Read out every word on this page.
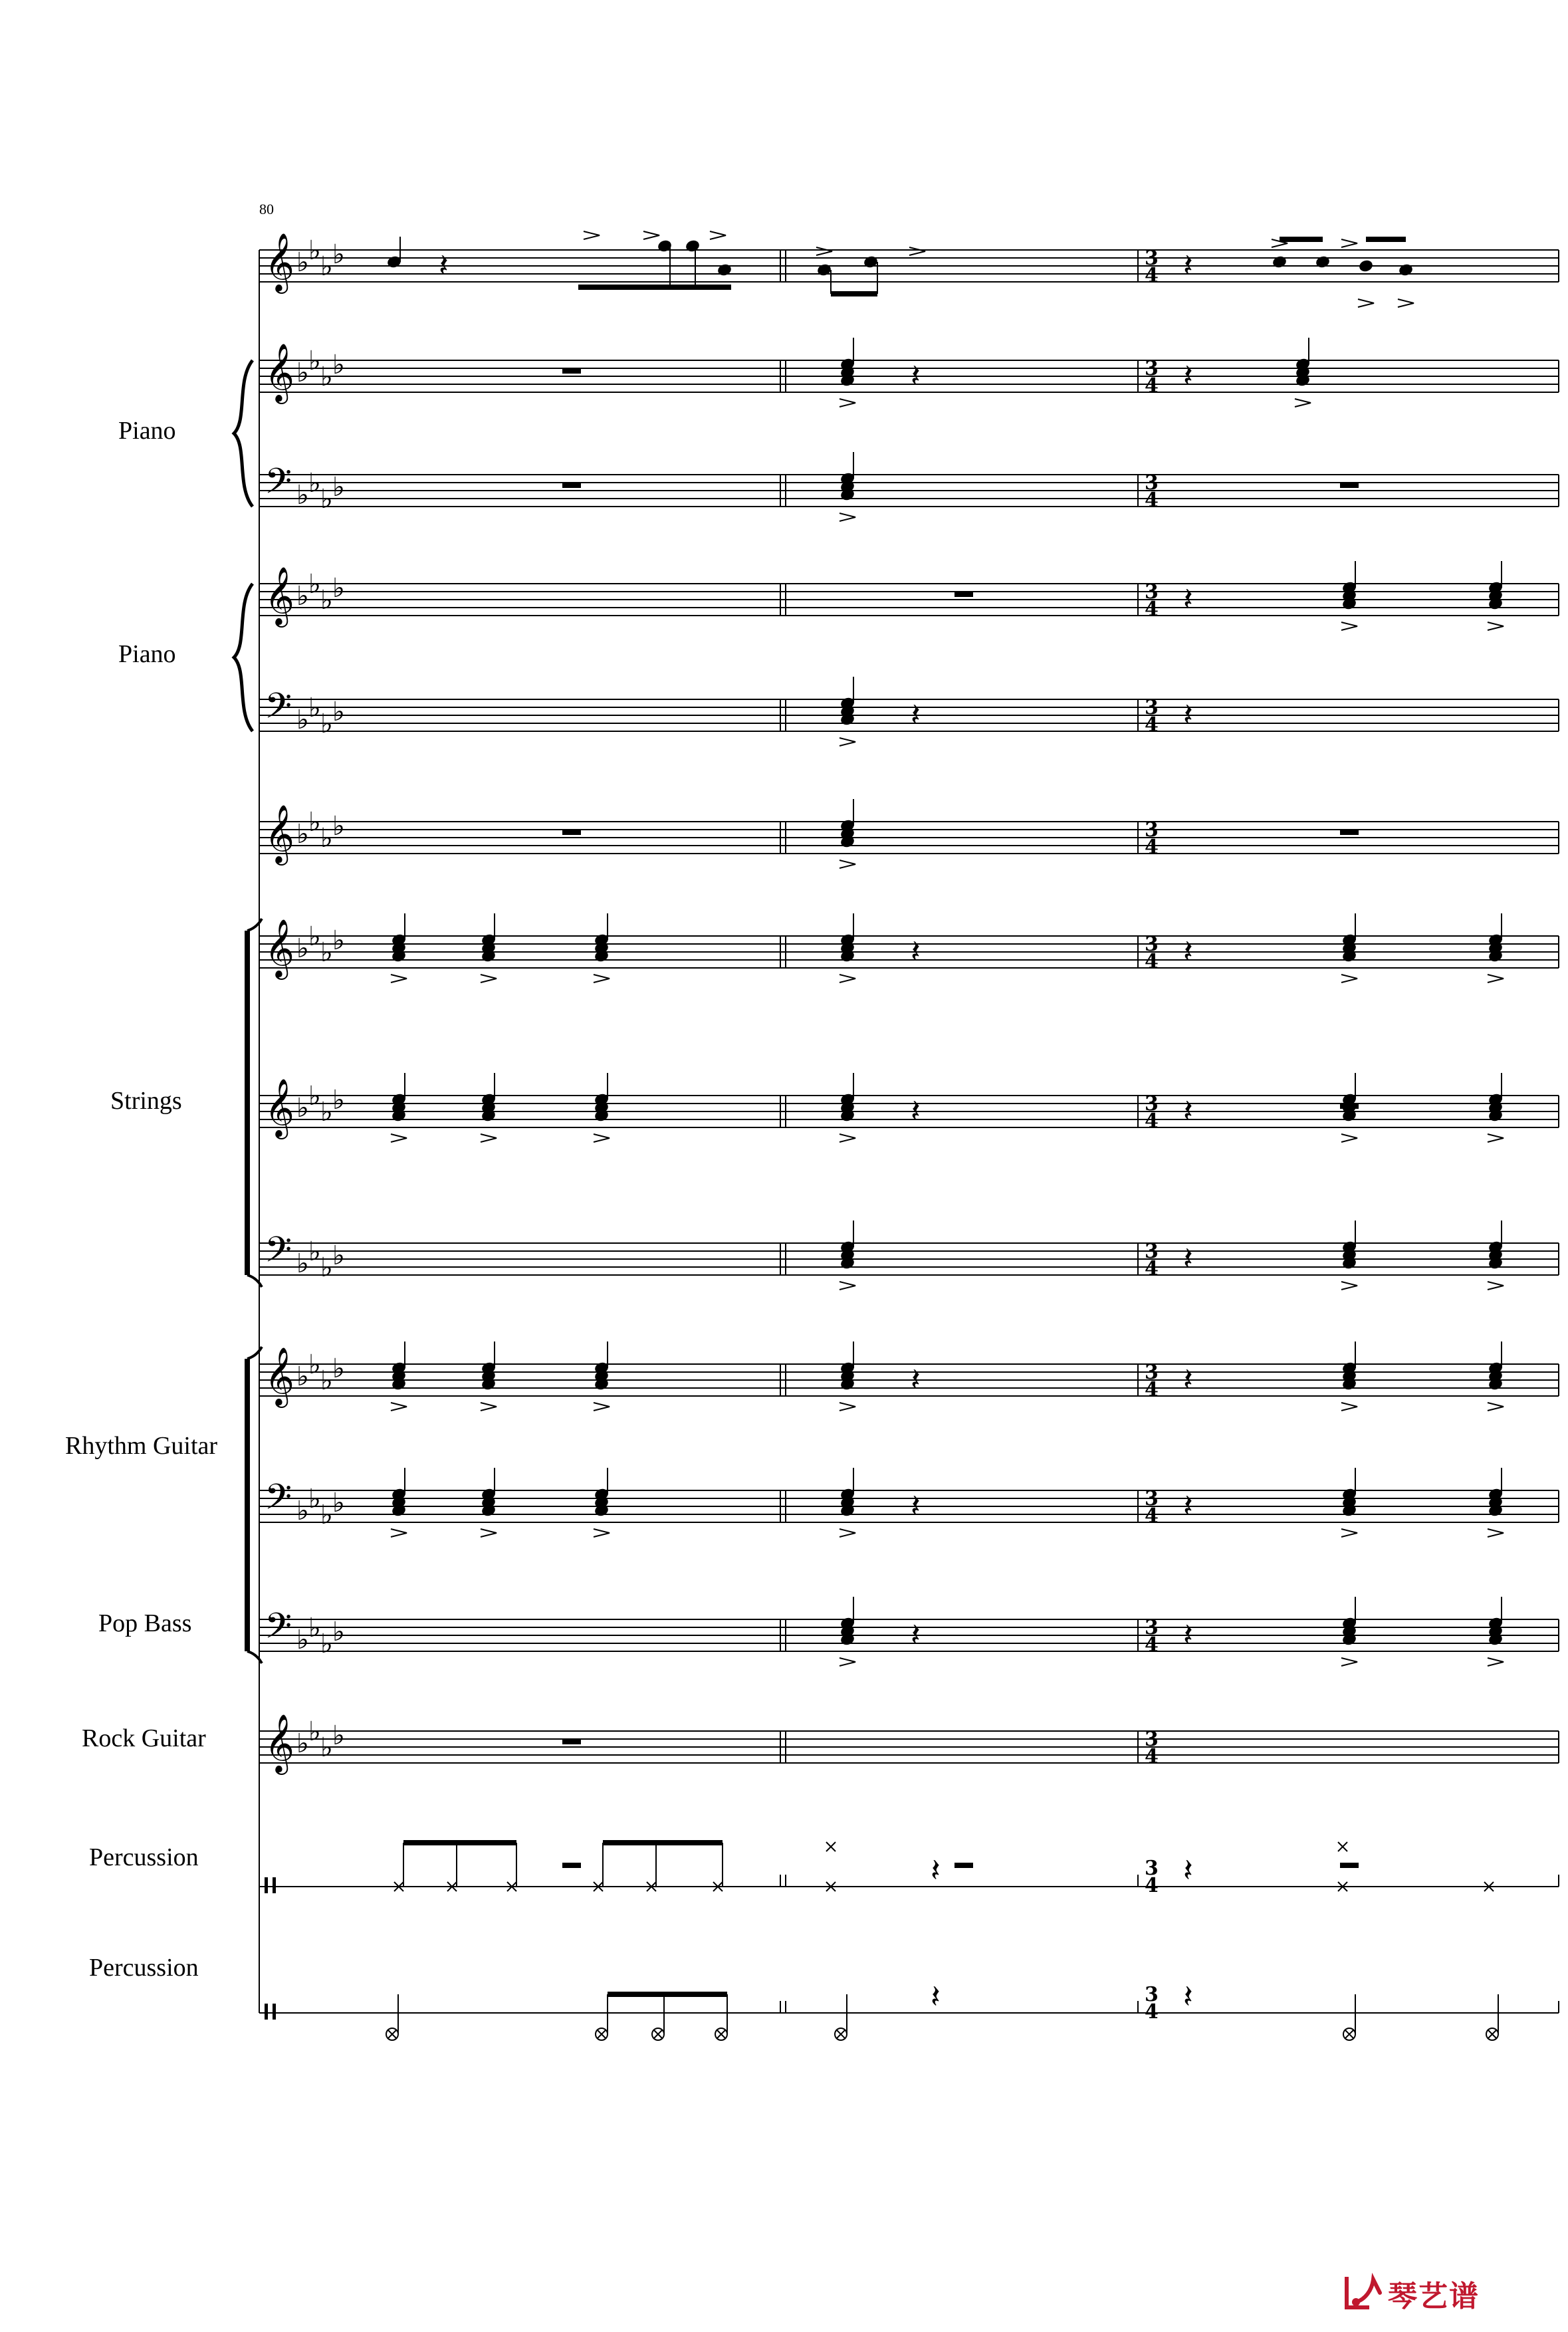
𝄞 ♭ ♭
♭ ♭	3
4
𝄞 ♭ ♭
♭ ♭	3
4
𝄢 ♭ ♭
♭ ♭	3
4
𝄞 ♭ ♭
♭ ♭	3
4
𝄢 ♭ ♭
♭ ♭	3
4
𝄞 ♭ ♭
♭ ♭	3
4
𝄞 ♭ ♭
♭ ♭	3
4
𝄞 ♭ ♭
♭ ♭	3
4
𝄢 ♭ ♭
♭ ♭	3
4
𝄞 ♭ ♭
♭ ♭	3
4
𝄢 ♭ ♭
♭ ♭	3
4
𝄢 ♭ ♭
♭ ♭	3
4
𝄞 ♭ ♭
♭ ♭	3
4
3
4
3
4
𝄽	𝄽
𝄽
𝄽
𝄽
𝄽
𝄽
𝄽
𝄽
𝄽
𝄽
𝄽
𝄽
𝄽
𝄽
𝄽
𝄽
𝄽
𝄽
𝄽
𝄽
𝄽
80
Piano
Piano
Strings
Rhythm Guitar
Pop Bass
Rock Guitar
Percussion
Percussion
琴艺谱
